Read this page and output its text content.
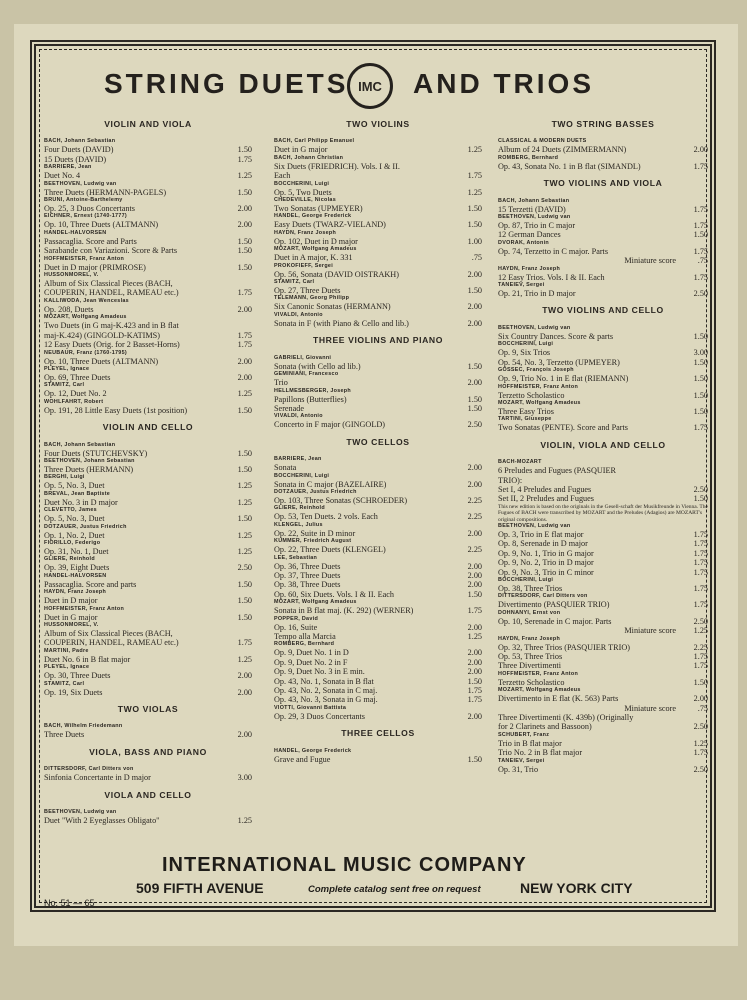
STRING DUETS IMC AND TRIOS
VIOLIN AND VIOLA
BACH, Johann Sebastian
Four Duets (DAVID)	1.50
15 Duets (DAVID)	1.75
BARRIERE, Jean
Duet No. 4	1.25
BEETHOVEN, Ludwig van
Three Duets (HERMANN-PAGELS)	1.50
BRUNI, Antoine-Barthelemy
Op. 25, 3 Duos Concertants	2.00
EICHNER, Ernest (1740-1777)
Op. 10, Three Duets (ALTMANN)	2.00
HANDEL-HALVORSEN
Passacaglia. Score and Parts	1.50
Sarabande con Variazioni. Score & Parts	1.50
HOFFMEISTER, Franz Anton
Duet in D major (PRIMROSE)	1.50
HUSSONMOREL, V.
Album of Six Classical Pieces (BACH,
COUPERIN, HANDEL, RAMEAU etc.)	1.75
KALLIWODA, Jean Wenceslas
Op. 208, Duets	2.00
MOZART, Wolfgang Amadeus
Two Duets (in G maj-K.423 and in B flat
maj-K.424) (GINGOLD-KATIMS)	1.75
12 Easy Duets (Orig. for 2 Basset-Horns)	1.75
NEUBAUR, Franz (1760-1795)
Op. 10, Three Duets (ALTMANN)	2.00
PLEYEL, Ignace
Op. 69, Three Duets	2.00
STAMITZ, Carl
Op. 12, Duet No. 2	1.25
WOHLFAHRT, Robert
Op. 191, 28 Little Easy Duets (1st position)	1.50
VIOLIN AND CELLO
BACH, Johann Sebastian
Four Duets (STUTCHEVSKY)	1.50
BEETHOVEN, Johann Sebastian
Three Duets (HERMANN)	1.50
BERGHI, Luigi
Op. 5, No. 3, Duet	1.25
BREVAL, Jean Baptiste
Duet No. 3 in D major	1.25
CLEVETTO, James
Op. 5, No. 3, Duet	1.50
DOTZAUER, Justus Friedrich
Op. 1, No. 2, Duet	1.25
FIORILLO, Federigo
Op. 31, No. 1, Duet	1.25
GLIERE, Reinhold
Op. 39, Eight Duets	2.50
HANDEL-HALVORSEN
Passacaglia. Score and parts	1.50
HAYDN, Franz Joseph
Duet in D major	1.50
HOFFMEISTER, Franz Anton
Duet in G major	1.50
HUSSONMOREL, V.
Album of Six Classical Pieces (BACH,
COUPERIN, HANDEL, RAMEAU etc.)	1.75
MARTINI, Padre
Duet No. 6 in B flat major	1.25
PLEYEL, Ignace
Op. 30, Three Duets	2.00
STAMITZ, Carl
Op. 19, Six Duets	2.00
TWO VIOLAS
BACH, Wilhelm Friedemann
Three Duets	2.00
VIOLA, BASS AND PIANO
DITTERSDORF, Carl Ditters von
Sinfonia Concertante in D major	3.00
VIOLA AND CELLO
BEETHOVEN, Ludwig van
Duet "With 2 Eyeglasses Obligato"	1.25
TWO VIOLINS
BACH, Carl Philipp Emanuel
Duet in G major	1.25
BACH, Johann Christian
Six Duets (FRIEDRICH). Vols. I & II.
Each	1.75
BOCCHERINI, Luigi
Op. 5, Two Duets	1.25
CHEDEVILLE, Nicolas
Two Sonatas (UPMEYER)	1.50
HANDEL, George Frederick
Easy Duets (TWARZ-VIELAND)	1.50
HAYDN, Franz Joseph
Op. 102, Duet in D major	1.00
MOZART, Wolfgang Amadeus
Duet in A major, K. 331	.75
PROKOFIEFF, Sergei
Op. 56, Sonata (DAVID OISTRAKH)	2.00
STAMITZ, Carl
Op. 27, Three Duets	1.50
TELEMANN, Georg Philipp
Six Canonic Sonatas (HERMANN)	2.00
VIVALDI, Antonio
Sonata in F (with Piano & Cello and lib.)	2.00
THREE VIOLINS AND PIANO
GABRIELI, Giovanni
Sonata (with Cello ad lib.)	1.50
GEMINIANI, Francesco
Trio	2.00
HELLMESBERGER, Joseph
Papillons (Butterflies)	1.50
Serenade	1.50
VIVALDI, Antonio
Concerto in F major (GINGOLD)	2.50
TWO CELLOS
BARRIERE, Jean
Sonata	2.00
BOCCHERINI, Luigi
Sonata in C major (BAZELAIRE)	2.00
DOTZAUER, Justus Friedrich
Op. 103, Three Sonatas (SCHROEDER)	2.25
GLIERE, Reinhold
Op. 53, Ten Duets. 2 vols. Each	2.25
KLENGEL, Julius
Op. 22, Suite in D minor	2.00
KUMMER, Friedrich August
Op. 22, Three Duets (KLENGEL)	2.25
LEE, Sebastian
Op. 36, Three Duets	2.00
Op. 37, Three Duets	2.00
Op. 38, Three Duets	2.00
Op. 60, Six Duets. Vols. I & II. Each	1.50
MOZART, Wolfgang Amadeus
Sonata in B flat maj. (K. 292) (WERNER)	1.75
POPPER, David
Op. 16, Suite	2.00
Tempo alla Marcia	1.25
ROMBERG, Bernhard
Op. 9, Duet No. 1 in D	2.00
Op. 9, Duet No. 2 in F	2.00
Op. 9, Duet No. 3 in E min.	2.00
Op. 43, No. 1, Sonata in B flat	1.50
Op. 43, No. 2, Sonata in C maj.	1.75
Op. 43, No. 3, Sonata in G maj.	1.75
VIOTTI, Giovanni Battista
Op. 29, 3 Duos Concertants	2.00
THREE CELLOS
HANDEL, George Frederick
Grave and Fugue	1.50
TWO STRING BASSES
CLASSICAL & MODERN DUETS
Album of 24 Duets (ZIMMERMANN)	2.00
ROMBERG, Bernhard
Op. 43, Sonata No. 1 in B flat (SIMANDL)	1.75
TWO VIOLINS AND VIOLA
BACH, Johann Sebastian
15 Terzetti (DAVID)	1.75
BEETHOVEN, Ludwig van
Op. 87, Trio in C major	1.75
12 German Dances	1.50
DVORAK, Antonin
Op. 74, Terzetto in C major. Parts	1.75
Miniature score	.75
HAYDN, Franz Joseph
12 Easy Trios. Vols. I & II. Each	1.75
TANEIEV, Sergei
Op. 21, Trio in D major	2.50
TWO VIOLINS AND CELLO
BEETHOVEN, Ludwig van
Six Country Dances. Score & parts	1.50
BOCCHERINI, Luigi
Op. 9, Six Trios	3.00
Op. 54, No. 3, Terzetto (UPMEYER)	1.50
GOSSEC, François Joseph
Op. 9, Trio No. 1 in E flat (RIEMANN)	1.50
HOFFMEISTER, Franz Anton
Terzetto Scholastico	1.50
MOZART, Wolfgang Amadeus
Three Easy Trios	1.50
TARTINI, Giuseppe
Two Sonatas (PENTE). Score and Parts	1.75
VIOLIN, VIOLA AND CELLO
BACH-MOZART
6 Preludes and Fugues (PASQUIER
TRIO):
Set I, 4 Preludes and Fugues	2.50
Set II, 2 Preludes and Fugues	1.50
This new edition is based on the originals in the Gesell-schaft der Musikfreunde in Vienna. The Fugues of BACH were transcribed by MOZART and the Preludes (Adagios) are MOZART's original compositions.
BEETHOVEN, Ludwig van
Op. 3, Trio in E flat major	1.75
Op. 8, Serenade in D major	1.75
Op. 9, No. 1, Trio in G major	1.75
Op. 9, No. 2, Trio in D major	1.75
Op. 9, No. 3, Trio in C minor	1.75
BOCCHERINI, Luigi
Op. 38, Three Trios	1.75
DITTERSDORF, Carl Ditters von
Divertimento (PASQUIER TRIO)	1.75
DOHNANYI, Ernst von
Op. 10, Serenade in C major. Parts	2.50
Miniature score	1.25
HAYDN, Franz Joseph
Op. 32, Three Trios (PASQUIER TRIO)	2.25
Op. 53, Three Trios	1.75
Three Divertimenti	1.75
HOFFMEISTER, Franz Anton
Terzetto Scholastico	1.50
MOZART, Wolfgang Amadeus
Divertimento in E flat (K. 563) Parts	2.00
Miniature score	.75
Three Divertimenti (K. 439b) (Originally
for 2 Clarinets and Bassoon)	2.50
SCHUBERT, Franz
Trio in B flat major	1.25
Trio No. 2 in B flat major	1.75
TANEIEV, Sergei
Op. 31, Trio	2.50
INTERNATIONAL MUSIC COMPANY
509 FIFTH AVENUE	Complete catalog sent free on request	NEW YORK CITY
No. 51 — 65
